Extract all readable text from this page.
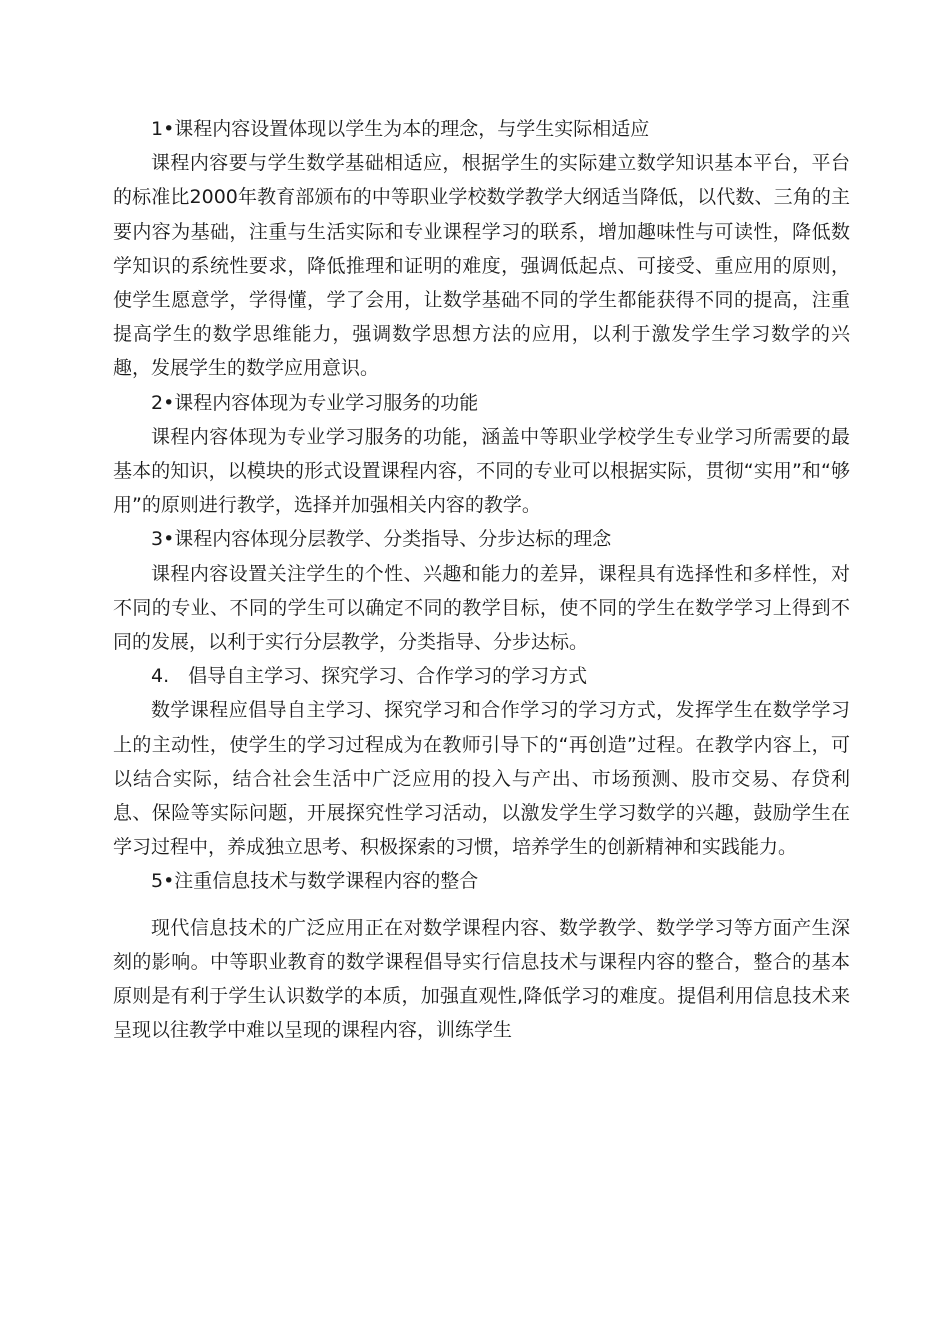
1•课程内容设置体现以学生为本的理念，与学生实际相适应

课程内容要与学生数学基础相适应，根据学生的实际建立数学知识基本平台，平台的标准比2000年教育部颁布的中等职业学校数学教学大纲适当降低，以代数、三角的主要内容为基础，注重与生活实际和专业课程学习的联系，增加趣味性与可读性，降低数学知识的系统性要求，降低推理和证明的难度，强调低起点、可接受、重应用的原则，使学生愿意学，学得懂，学了会用，让数学基础不同的学生都能获得不同的提高，注重提高学生的数学思维能力，强调数学思想方法的应用，以利于激发学生学习数学的兴趣，发展学生的数学应用意识。

2•课程内容体现为专业学习服务的功能

课程内容体现为专业学习服务的功能，涵盖中等职业学校学生专业学习所需要的最基本的知识，以模块的形式设置课程内容，不同的专业可以根据实际，贯彻“实用”和“够用”的原则进行教学，选择并加强相关内容的教学。

3•课程内容体现分层教学、分类指导、分步达标的理念

课程内容设置关注学生的个性、兴趣和能力的差异，课程具有选择性和多样性，对不同的专业、不同的学生可以确定不同的教学目标，使不同的学生在数学学习上得到不同的发展，以利于实行分层教学，分类指导、分步达标。

4.　倡导自主学习、探究学习、合作学习的学习方式

数学课程应倡导自主学习、探究学习和合作学习的学习方式，发挥学生在数学学习上的主动性，使学生的学习过程成为在教师引导下的“再创造”过程。在教学内容上，可以结合实际，结合社会生活中广泛应用的投入与产出、市场预测、股市交易、存贷利息、保险等实际问题，开展探究性学习活动，以激发学生学习数学的兴趣，鼓励学生在学习过程中，养成独立思考、积极探索的习惯，培养学生的创新精神和实践能力。

5•注重信息技术与数学课程内容的整合

现代信息技术的广泛应用正在对数学课程内容、数学教学、数学学习等方面产生深刻的影响。中等职业教育的数学课程倡导实行信息技术与课程内容的整合，整合的基本原则是有利于学生认识数学的本质，加强直观性,降低学习的难度。提倡利用信息技术来呈现以往教学中难以呈现的课程内容，训练学生
